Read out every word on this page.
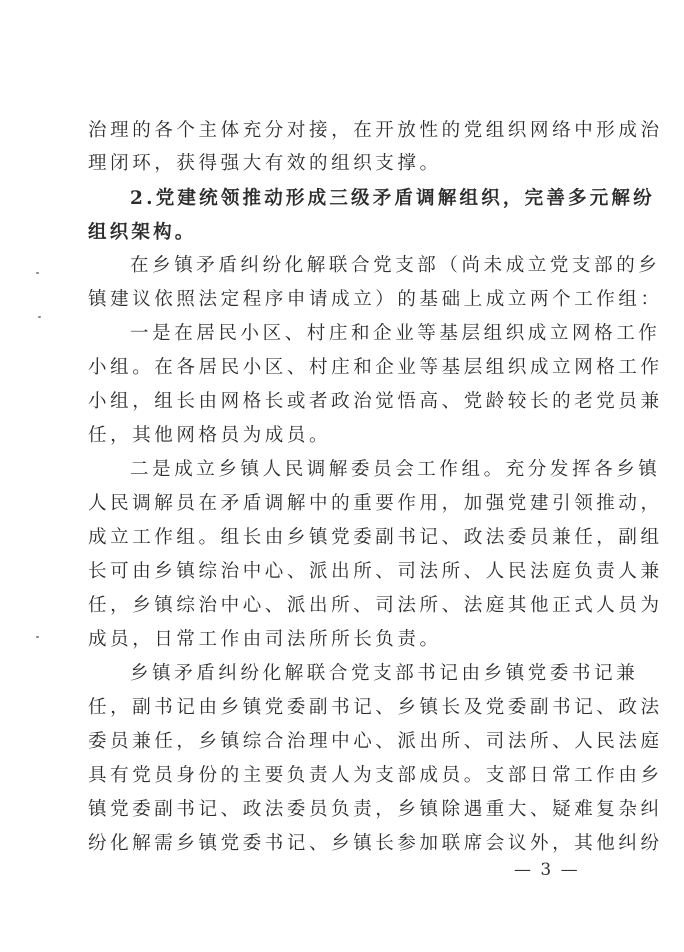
治理的各个主体充分对接，在开放性的党组织网络中形成治
理闭环，获得强大有效的组织支撑。
2.党建统领推动形成三级矛盾调解组织，完善多元解纷
组织架构。
在乡镇矛盾纠纷化解联合党支部（尚未成立党支部的乡
镇建议依照法定程序申请成立）的基础上成立两个工作组：
一是在居民小区、村庄和企业等基层组织成立网格工作
小组。在各居民小区、村庄和企业等基层组织成立网格工作
小组，组长由网格长或者政治觉悟高、党龄较长的老党员兼
任，其他网格员为成员。
二是成立乡镇人民调解委员会工作组。充分发挥各乡镇
人民调解员在矛盾调解中的重要作用，加强党建引领推动，
成立工作组。组长由乡镇党委副书记、政法委员兼任，副组
长可由乡镇综治中心、派出所、司法所、人民法庭负责人兼
任，乡镇综治中心、派出所、司法所、法庭其他正式人员为
成员，日常工作由司法所所长负责。
乡镇矛盾纠纷化解联合党支部书记由乡镇党委书记兼
任，副书记由乡镇党委副书记、乡镇长及党委副书记、政法
委员兼任，乡镇综合治理中心、派出所、司法所、人民法庭
具有党员身份的主要负责人为支部成员。支部日常工作由乡
镇党委副书记、政法委员负责，乡镇除遇重大、疑难复杂纠
纷化解需乡镇党委书记、乡镇长参加联席会议外，其他纠纷
— 3 —
